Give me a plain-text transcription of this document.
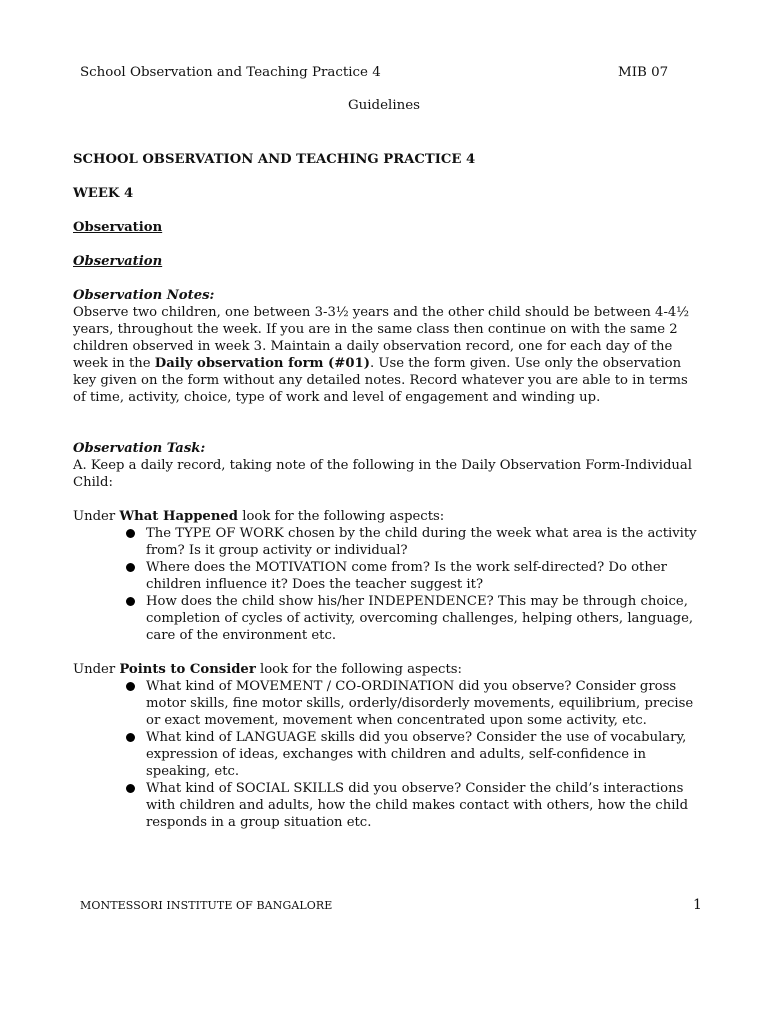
School Observation and Teaching Practice 4	MIB 07
Guidelines

SCHOOL OBSERVATION AND TEACHING PRACTICE 4

WEEK 4

Observation

Observation

Observation Notes:

Observe two children, one between 3-3½ years and the other child should be between 4-4½ years, throughout the week. If you are in the same class then continue on with the same 2 children observed in week 3. Maintain a daily observation record, one for each day of the week in the Daily observation form (#01). Use the form given. Use only the observation key given on the form without any detailed notes. Record whatever you are able to in terms of time, activity, choice, type of work and level of engagement and winding up.

Observation Task:

A. Keep a daily record, taking note of the following in the Daily Observation Form-Individual Child:

Under What Happened look for the following aspects:

The TYPE OF WORK chosen by the child during the week what area is the activity from? Is it group activity or individual?
Where does the MOTIVATION come from? Is the work self-directed? Do other children influence it? Does the teacher suggest it?
How does the child show his/her INDEPENDENCE? This may be through choice, completion of cycles of activity, overcoming challenges, helping others, language, care of the environment etc.

Under Points to Consider look for the following aspects:

What kind of MOVEMENT / CO-ORDINATION did you observe? Consider gross motor skills, fine motor skills, orderly/disorderly movements, equilibrium, precise or exact movement, movement when concentrated upon some activity, etc.
What kind of LANGUAGE skills did you observe? Consider the use of vocabulary, expression of ideas, exchanges with children and adults, self-confidence in speaking, etc.
What kind of SOCIAL SKILLS did you observe? Consider the child’s interactions with children and adults, how the child makes contact with others, how the child responds in a group situation etc.
MONTESSORI INSTITUTE OF BANGALORE	1
